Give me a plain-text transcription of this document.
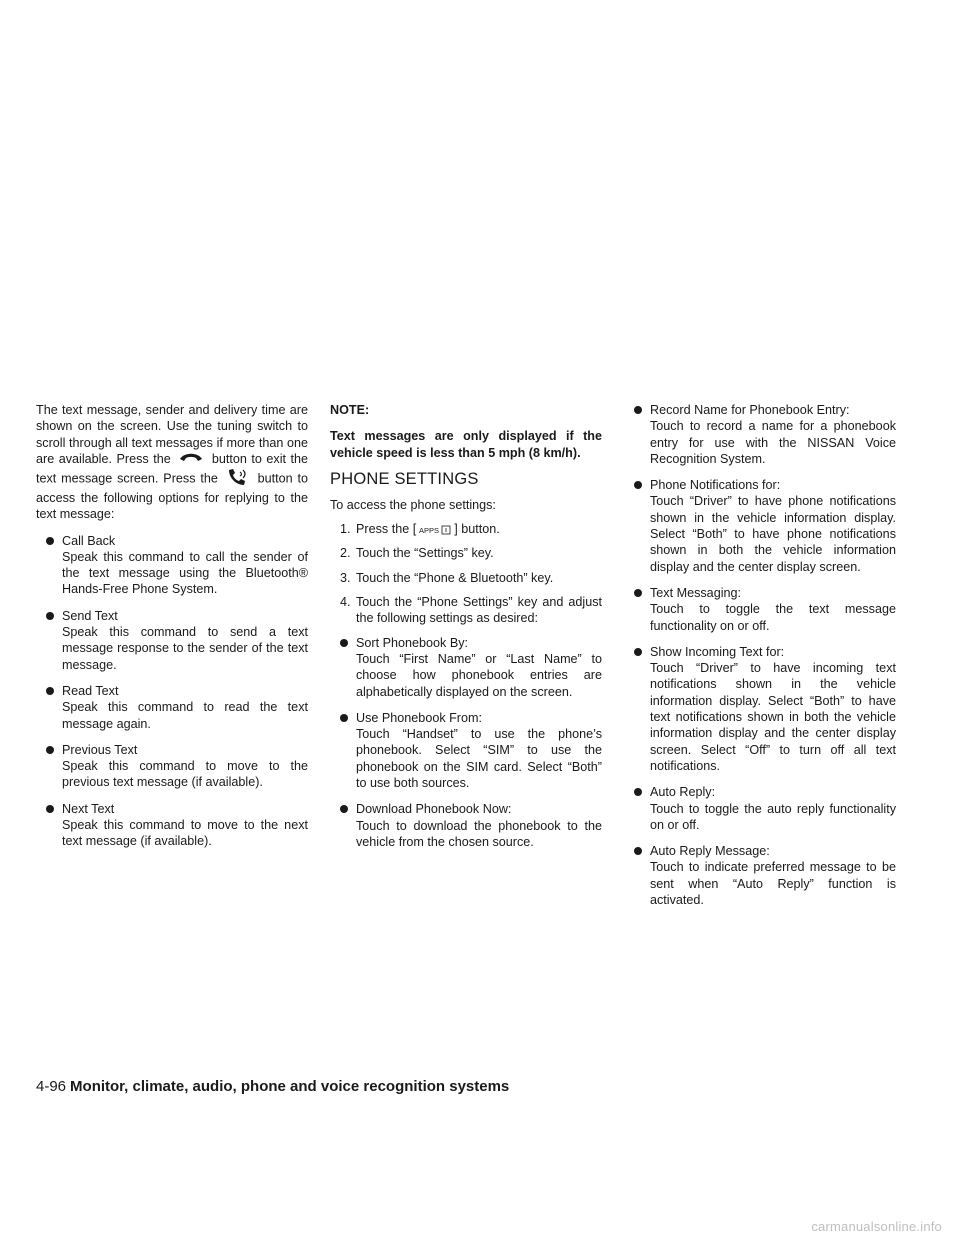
The text message, sender and delivery time are shown on the screen. Use the tuning switch to scroll through all text messages if more than one are available. Press the	button to exit the text message screen. Press the	button to access the following options for replying to the text message:

Call Back
Speak this command to call the sender of the text message using the Bluetooth® Hands-Free Phone System.
Send Text
Speak this command to send a text message response to the sender of the text message.
Read Text
Speak this command to read the text message again.
Previous Text
Speak this command to move to the previous text message (if available).
Next Text
Speak this command to move to the next text message (if available).
NOTE:

Text messages are only displayed if the vehicle speed is less than 5 mph (8 km/h).

PHONE SETTINGS

To access the phone settings:

1. Press the [ APPS ] button.
2. Touch the “Settings” key.
3. Touch the “Phone & Bluetooth” key.
4. Touch the “Phone Settings” key and adjust the following settings as desired:
Sort Phonebook By:
Touch “First Name” or “Last Name” to choose how phonebook entries are alphabetically displayed on the screen.
Use Phonebook From:
Touch “Handset” to use the phone’s phonebook. Select “SIM” to use the phonebook on the SIM card. Select “Both” to use both sources.
Download Phonebook Now:
Touch to download the phonebook to the vehicle from the chosen source.
Record Name for Phonebook Entry:
Touch to record a name for a phonebook entry for use with the NISSAN Voice Recognition System.
Phone Notifications for:
Touch “Driver” to have phone notifications shown in the vehicle information display. Select “Both” to have phone notifications shown in both the vehicle information display and the center display screen.
Text Messaging:
Touch to toggle the text message functionality on or off.
Show Incoming Text for:
Touch “Driver” to have incoming text notifications shown in the vehicle information display. Select “Both” to have text notifications shown in both the vehicle information display and the center display screen. Select “Off” to turn off all text notifications.
Auto Reply:
Touch to toggle the auto reply functionality on or off.
Auto Reply Message:
Touch to indicate preferred message to be sent when “Auto Reply” function is activated.
4-96 Monitor, climate, audio, phone and voice recognition systems
carmanualsonline.info
